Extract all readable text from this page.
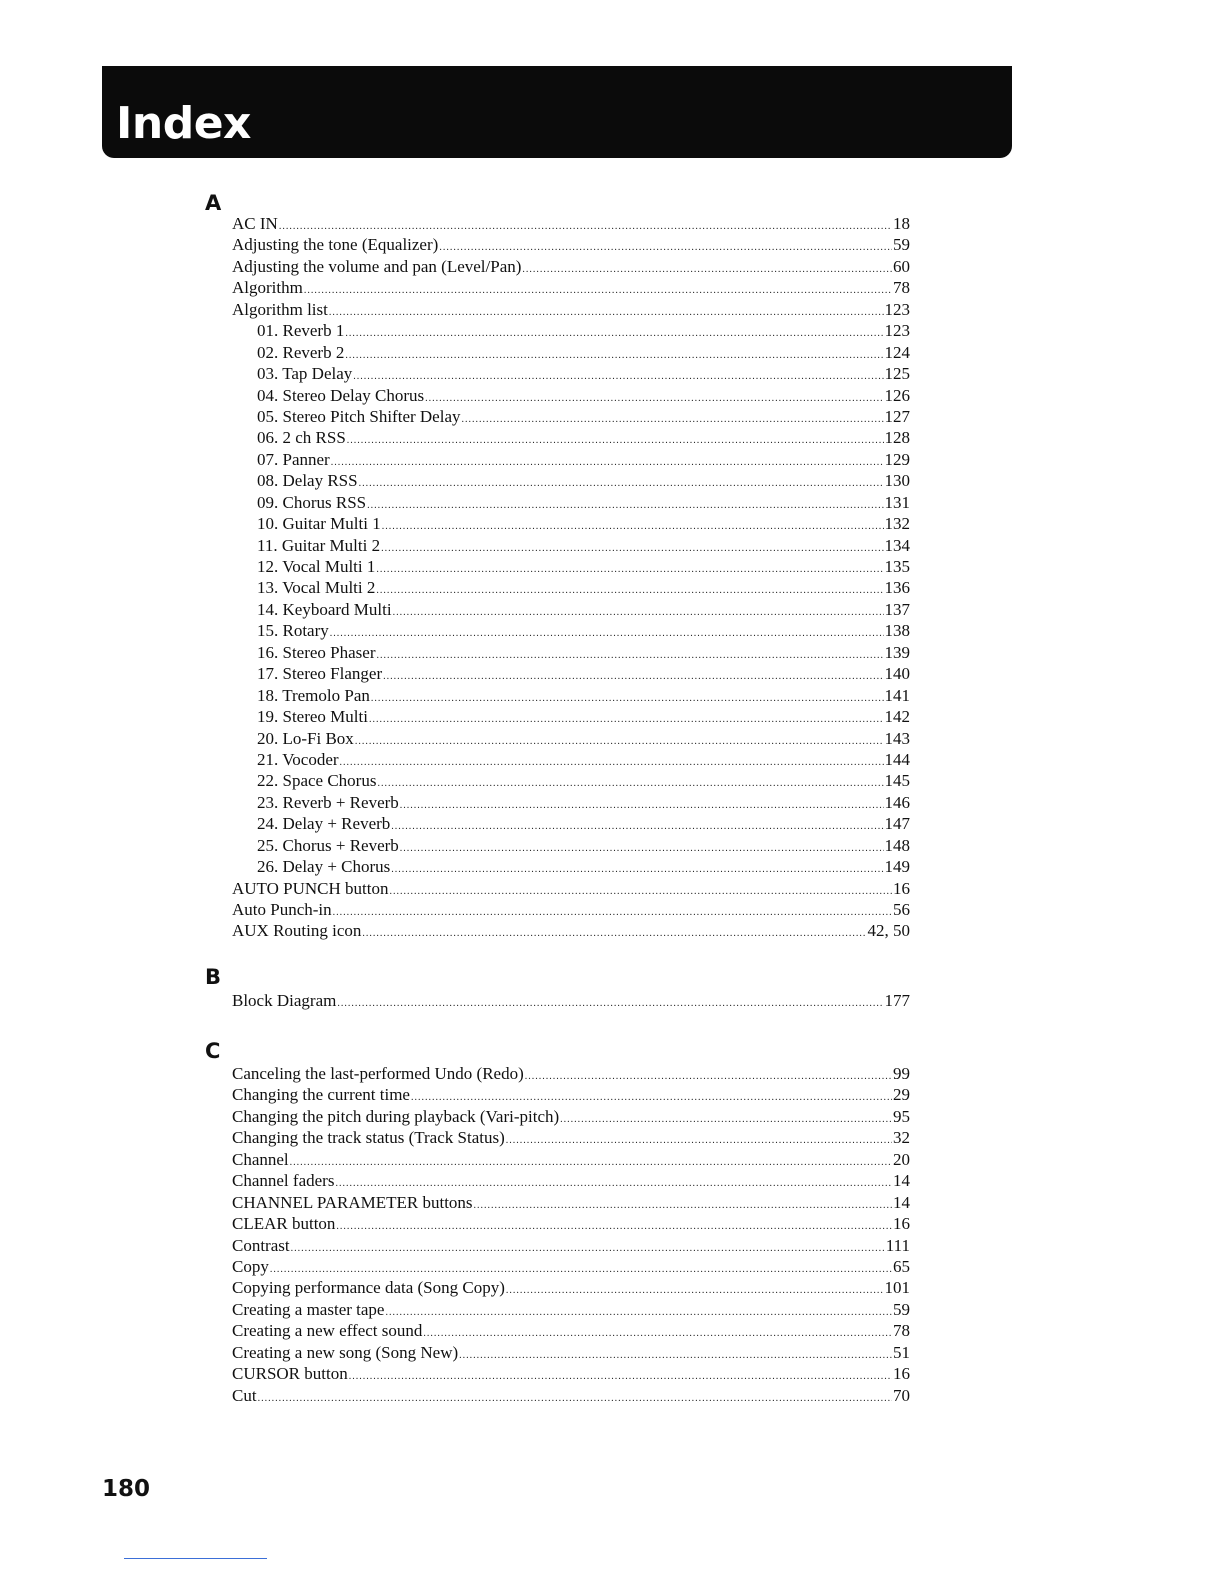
Index
A
AC IN .....	18
Adjusting the tone (Equalizer) .....	59
Adjusting the volume and pan (Level/Pan) .....	60
Algorithm .....	78
Algorithm list .....	123
01. Reverb 1 .....	123
02. Reverb 2 .....	124
03. Tap Delay .....	125
04. Stereo Delay Chorus .....	126
05. Stereo Pitch Shifter Delay .....	127
06. 2 ch RSS .....	128
07. Panner .....	129
08. Delay RSS .....	130
09. Chorus RSS .....	131
10. Guitar Multi 1 .....	132
11. Guitar Multi 2 .....	134
12. Vocal Multi 1 .....	135
13. Vocal Multi 2 .....	136
14. Keyboard Multi .....	137
15. Rotary .....	138
16. Stereo Phaser .....	139
17. Stereo Flanger .....	140
18. Tremolo Pan .....	141
19. Stereo Multi .....	142
20. Lo-Fi Box .....	143
21. Vocoder .....	144
22. Space Chorus .....	145
23. Reverb + Reverb .....	146
24. Delay + Reverb .....	147
25. Chorus + Reverb .....	148
26. Delay + Chorus .....	149
AUTO PUNCH button .....	16
Auto Punch-in .....	56
AUX Routing icon .....	42, 50
B
Block Diagram .....	177
C
Canceling the last-performed Undo (Redo) .....	99
Changing the current time .....	29
Changing the pitch during playback (Vari-pitch) .....	95
Changing the track status (Track Status) .....	32
Channel .....	20
Channel faders .....	14
CHANNEL PARAMETER buttons .....	14
CLEAR button .....	16
Contrast .....	111
Copy .....	65
Copying performance data (Song Copy) .....	101
Creating a master tape .....	59
Creating a new effect sound .....	78
Creating a new song (Song New) .....	51
CURSOR button .....	16
Cut .....	70
180
